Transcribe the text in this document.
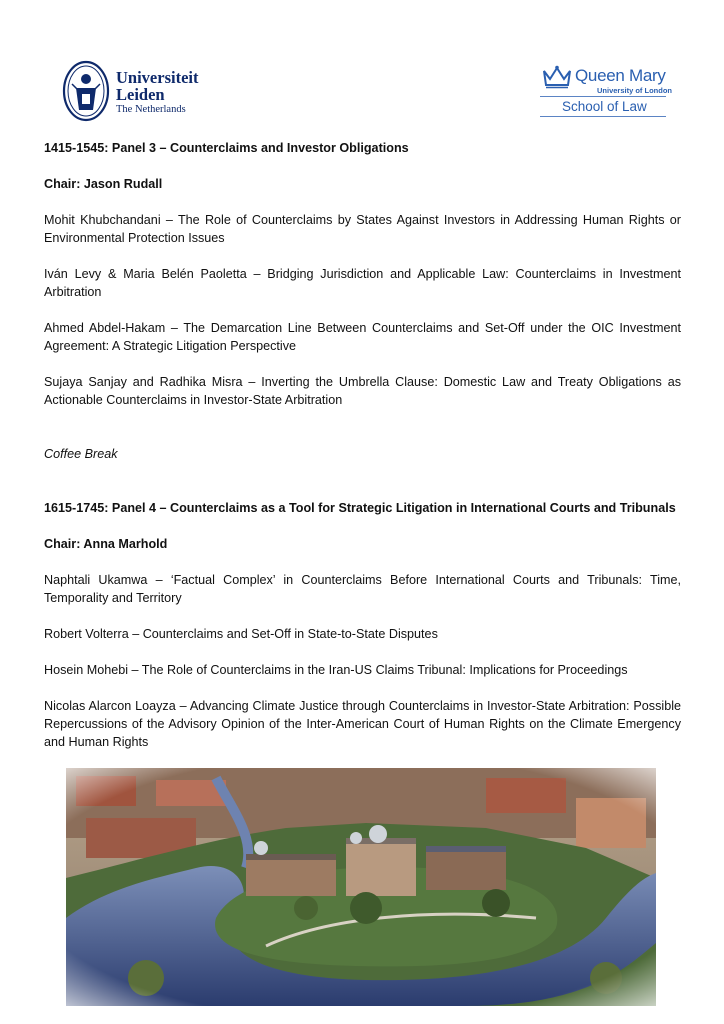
Universiteit
Leiden
The Netherlands
Queen Mary
University of London
School of Law

1415-1545: Panel 3 – Counterclaims and Investor Obligations

Chair: Jason Rudall

Mohit Khubchandani – The Role of Counterclaims by States Against Investors in Addressing Human Rights or Environmental Protection Issues

Iván Levy & Maria Belén Paoletta – Bridging Jurisdiction and Applicable Law: Counterclaims in Investment Arbitration

Ahmed Abdel-Hakam – The Demarcation Line Between Counterclaims and Set-Off under the OIC Investment Agreement: A Strategic Litigation Perspective

Sujaya Sanjay and Radhika Misra – Inverting the Umbrella Clause: Domestic Law and Treaty Obligations as Actionable Counterclaims in Investor-State Arbitration

Coffee Break

1615-1745: Panel 4 – Counterclaims as a Tool for Strategic Litigation in International Courts and Tribunals

Chair: Anna Marhold

Naphtali Ukamwa – ‘Factual Complex’ in Counterclaims Before International Courts and Tribunals: Time, Temporality and Territory

Robert Volterra – Counterclaims and Set-Off in State-to-State Disputes

Hosein Mohebi – The Role of Counterclaims in the Iran-US Claims Tribunal: Implications for Proceedings

Nicolas Alarcon Loayza – Advancing Climate Justice through Counterclaims in Investor-State Arbitration: Possible Repercussions of the Advisory Opinion of the Inter-American Court of Human Rights on the Climate Emergency and Human Rights
